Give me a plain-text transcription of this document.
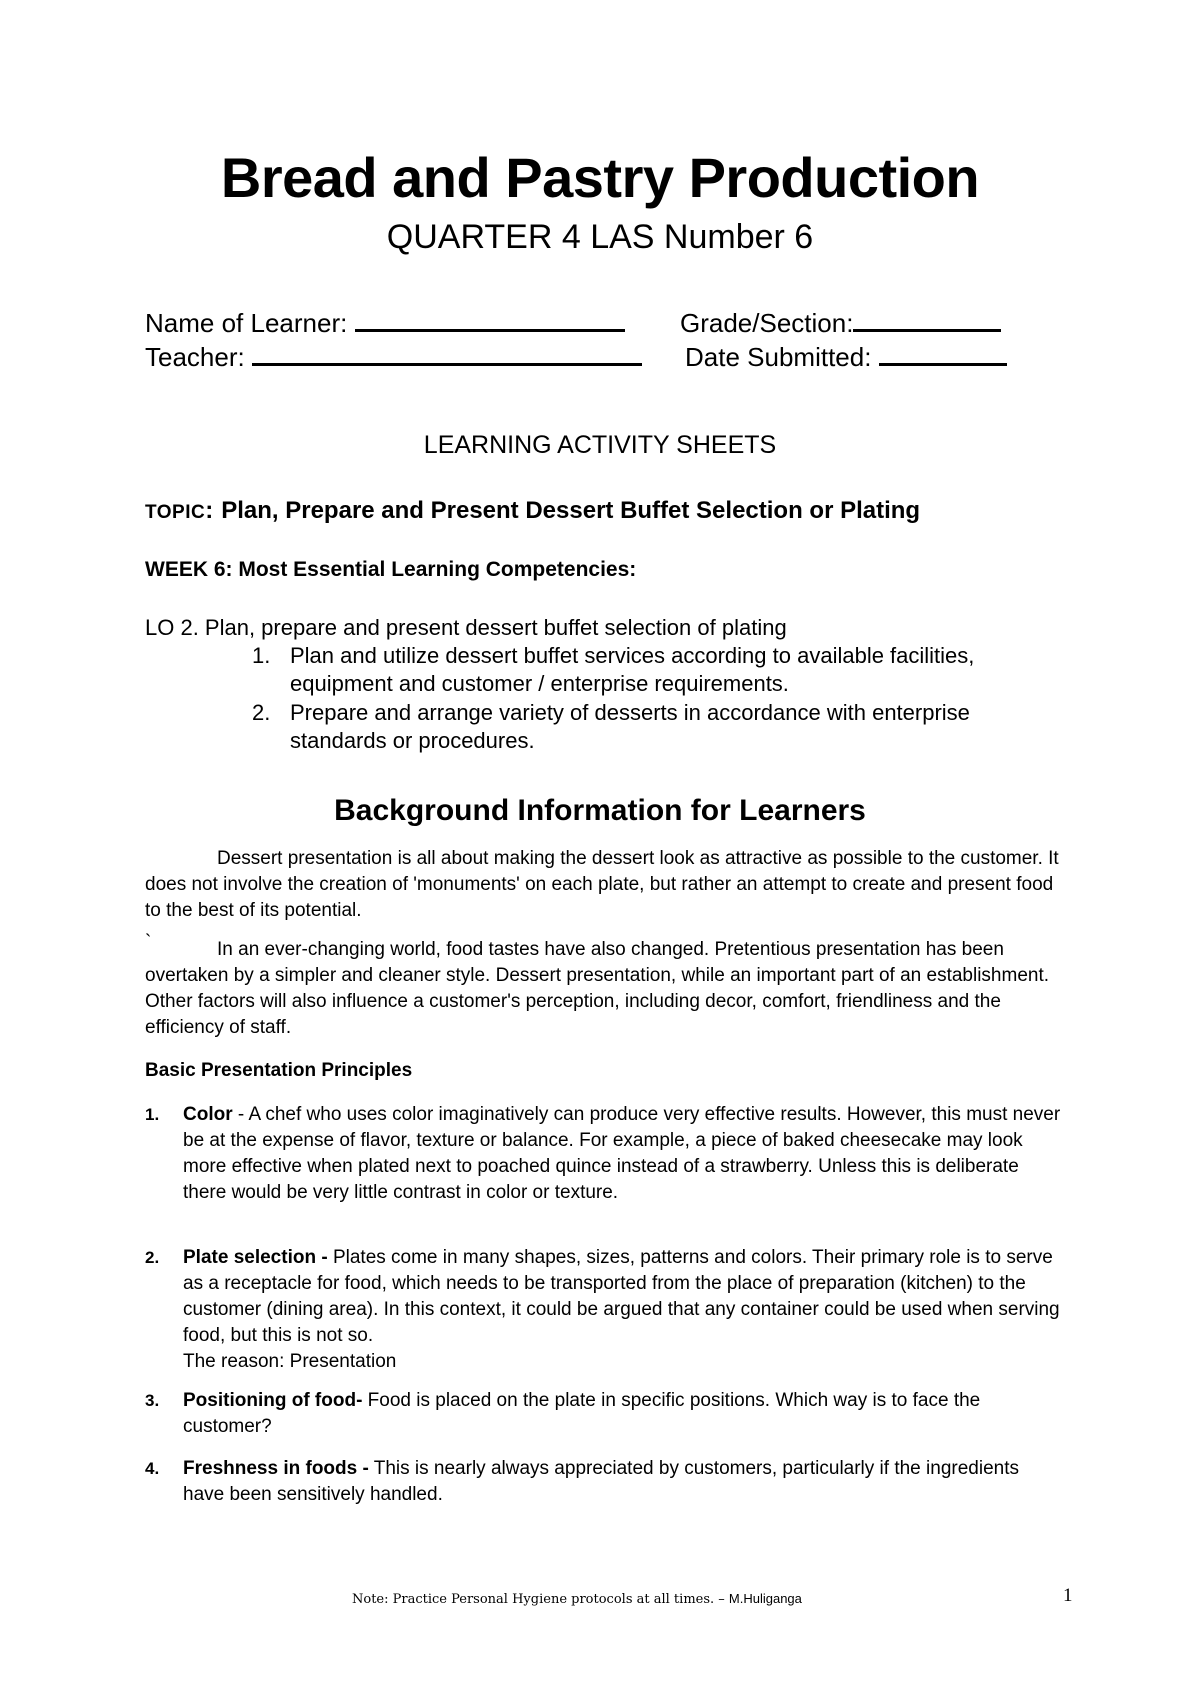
Bread and Pastry Production
QUARTER 4 LAS Number 6
Name of Learner:	Grade/Section:
Teacher:	Date Submitted:
LEARNING ACTIVITY SHEETS
TOPIC: Plan, Prepare and Present Dessert Buffet Selection or Plating
WEEK 6: Most Essential Learning Competencies:
LO 2. Plan, prepare and present dessert buffet selection of plating
1. Plan and utilize dessert buffet services according to available facilities,
equipment and customer / enterprise requirements.
2. Prepare and arrange variety of desserts in accordance with enterprise
standards or procedures.
Background Information for Learners
Dessert presentation is all about making the dessert look as attractive as possible to the customer. It does not involve the creation of 'monuments' on each plate, but rather an attempt to create and present food to the best of its potential.
`	In an ever-changing world, food tastes have also changed. Pretentious presentation has been overtaken by a simpler and cleaner style. Dessert presentation, while an important part of an establishment. Other factors will also influence a customer's perception, including decor, comfort, friendliness and the efficiency of staff.
Basic Presentation Principles
1. Color - A chef who uses color imaginatively can produce very effective results. However, this must never be at the expense of flavor, texture or balance. For example, a piece of baked cheesecake may look more effective when plated next to poached quince instead of a strawberry. Unless this is deliberate there would be very little contrast in color or texture.
2. Plate selection - Plates come in many shapes, sizes, patterns and colors. Their primary role is to serve as a receptacle for food, which needs to be transported from the place of preparation (kitchen) to the customer (dining area). In this context, it could be argued that any container could be used when serving food, but this is not so.
The reason: Presentation
3. Positioning of food- Food is placed on the plate in specific positions. Which way is to face the customer?
4. Freshness in foods - This is nearly always appreciated by customers, particularly if the ingredients have been sensitively handled.
Note: Practice Personal Hygiene protocols at all times. – M.Huliganga	1
